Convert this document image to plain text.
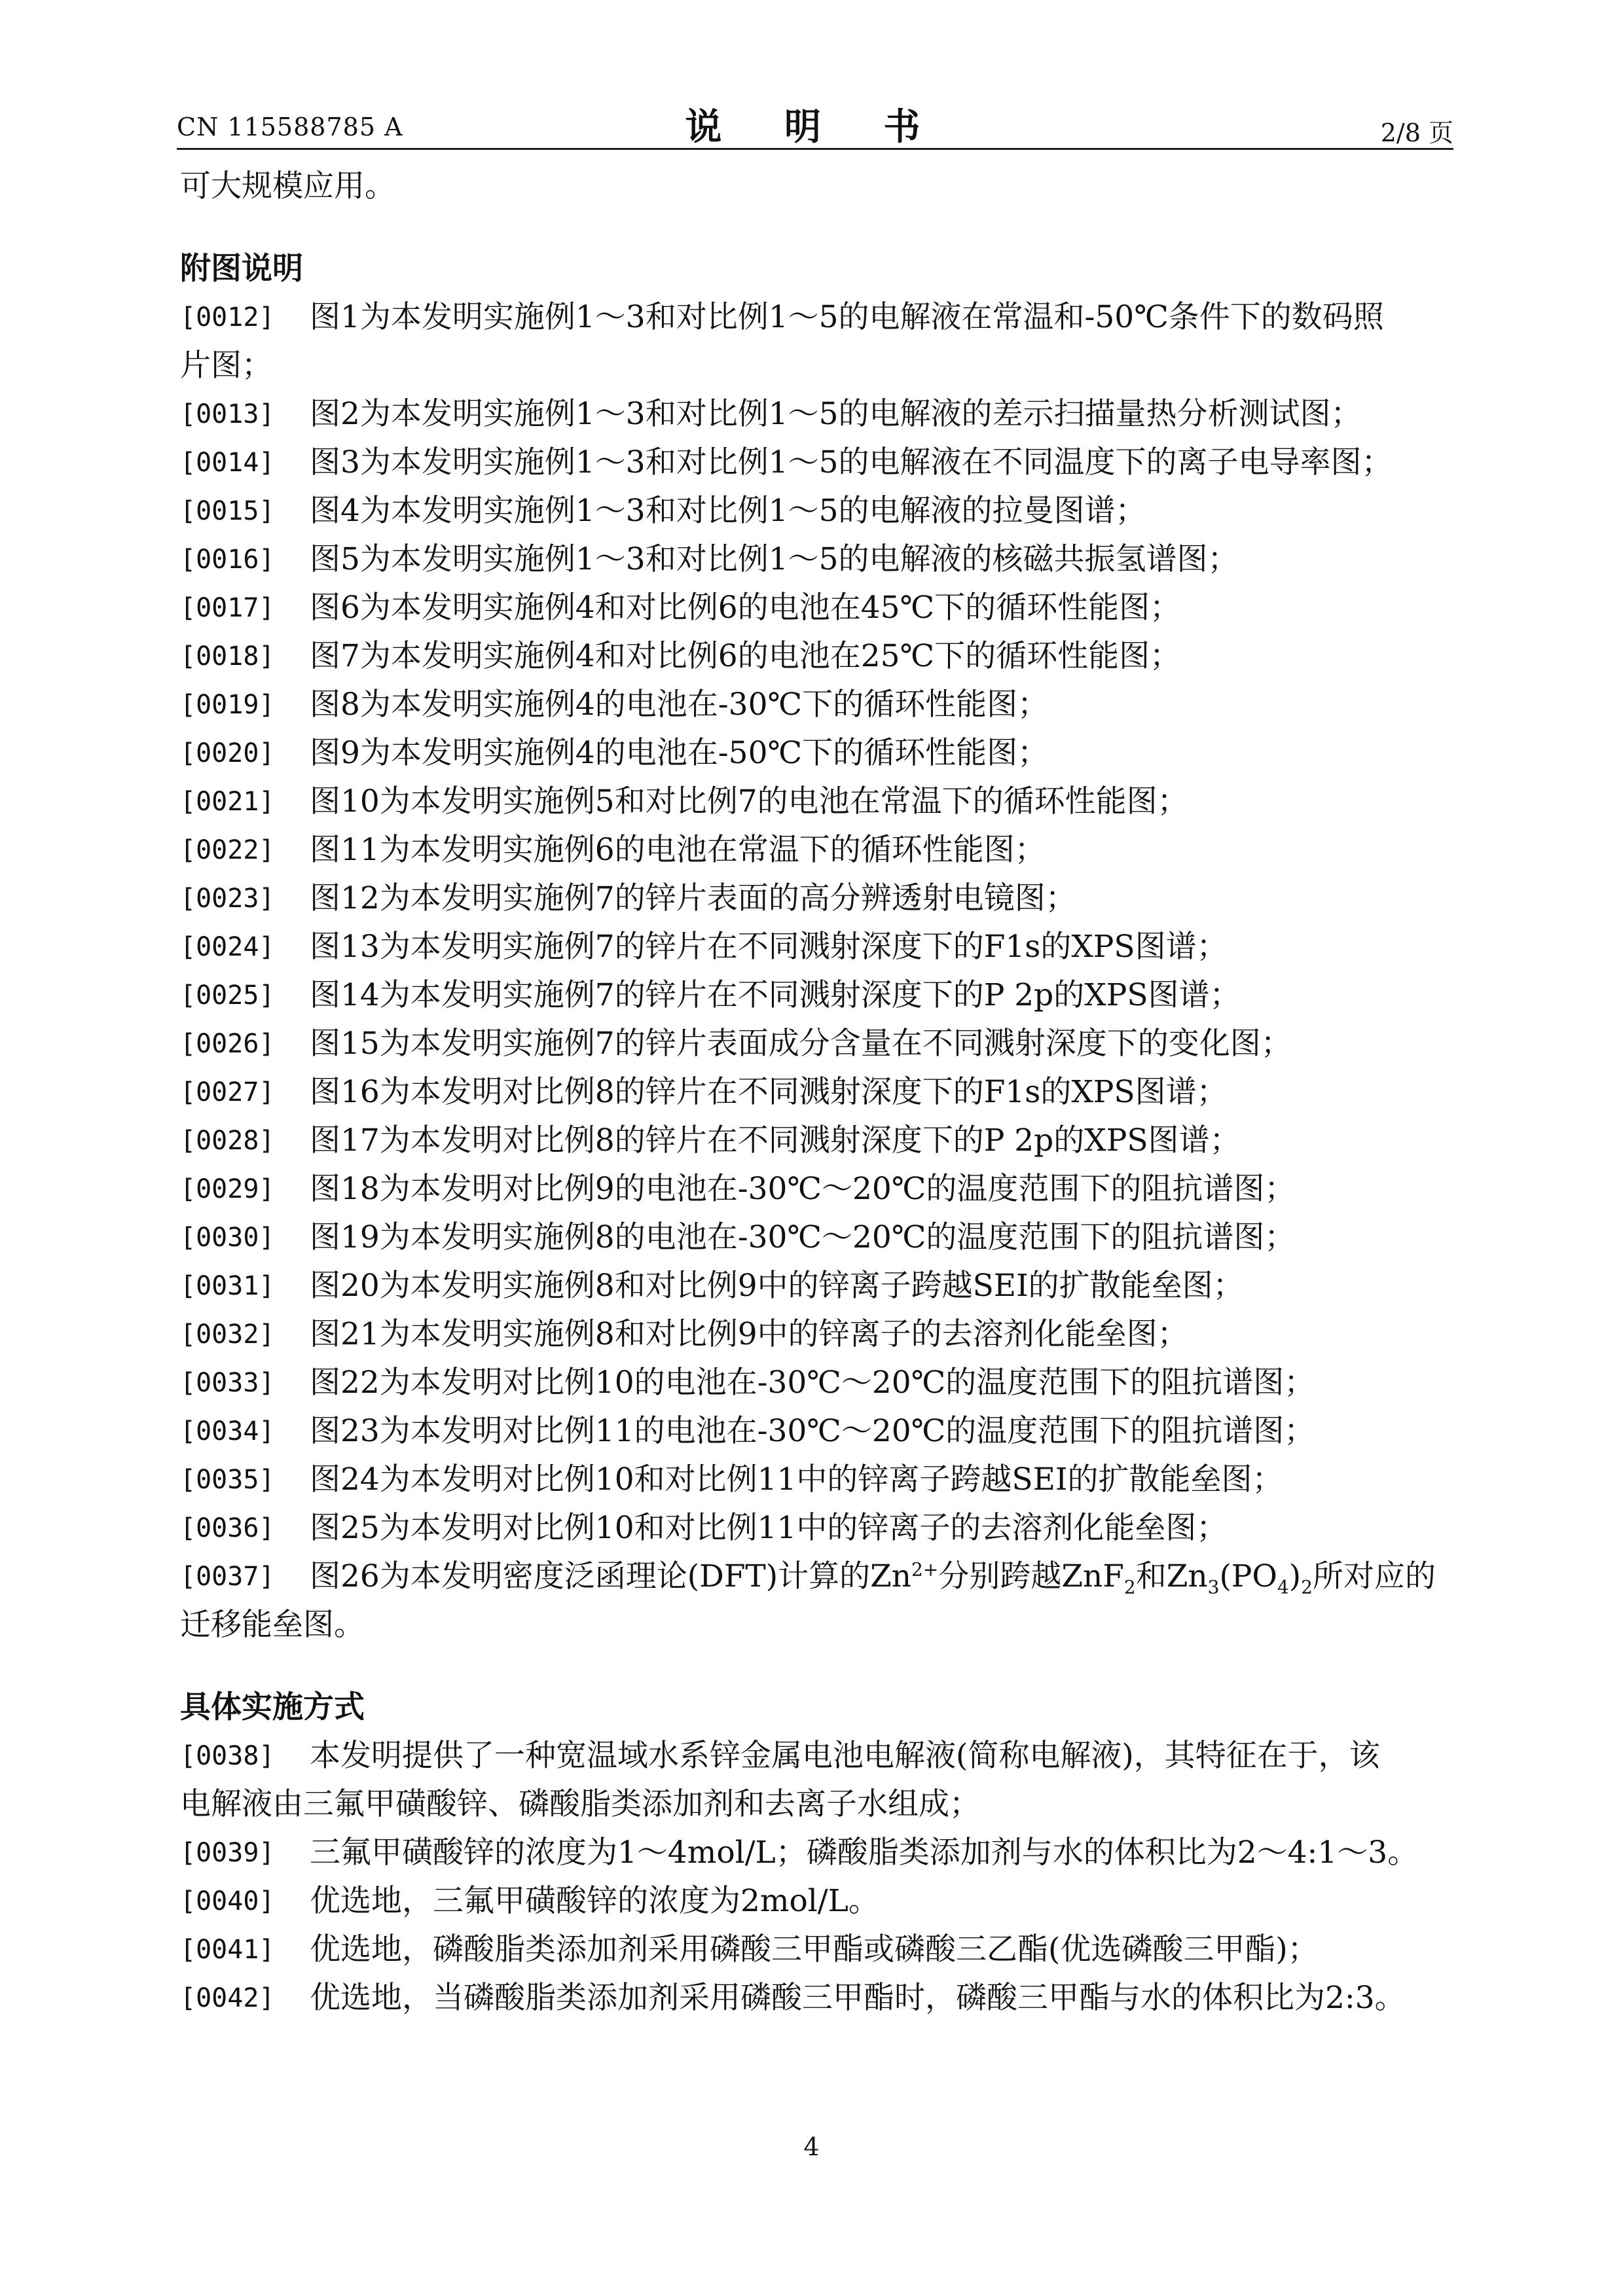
CN 115588785 A	说 明 书	2/8 页
可大规模应用。
附图说明
[0012]	图1为本发明实施例1～3和对比例1～5的电解液在常温和-50℃条件下的数码照
片图；
[0013]	图2为本发明实施例1～3和对比例1～5的电解液的差示扫描量热分析测试图；
[0014]	图3为本发明实施例1～3和对比例1～5的电解液在不同温度下的离子电导率图；
[0015]	图4为本发明实施例1～3和对比例1～5的电解液的拉曼图谱；
[0016]	图5为本发明实施例1～3和对比例1～5的电解液的核磁共振氢谱图；
[0017]	图6为本发明实施例4和对比例6的电池在45℃下的循环性能图；
[0018]	图7为本发明实施例4和对比例6的电池在25℃下的循环性能图；
[0019]	图8为本发明实施例4的电池在-30℃下的循环性能图；
[0020]	图9为本发明实施例4的电池在-50℃下的循环性能图；
[0021]	图10为本发明实施例5和对比例7的电池在常温下的循环性能图；
[0022]	图11为本发明实施例6的电池在常温下的循环性能图；
[0023]	图12为本发明实施例7的锌片表面的高分辨透射电镜图；
[0024]	图13为本发明实施例7的锌片在不同溅射深度下的F1s的XPS图谱；
[0025]	图14为本发明实施例7的锌片在不同溅射深度下的P 2p的XPS图谱；
[0026]	图15为本发明实施例7的锌片表面成分含量在不同溅射深度下的变化图；
[0027]	图16为本发明对比例8的锌片在不同溅射深度下的F1s的XPS图谱；
[0028]	图17为本发明对比例8的锌片在不同溅射深度下的P 2p的XPS图谱；
[0029]	图18为本发明对比例9的电池在-30℃～20℃的温度范围下的阻抗谱图；
[0030]	图19为本发明实施例8的电池在-30℃～20℃的温度范围下的阻抗谱图；
[0031]	图20为本发明实施例8和对比例9中的锌离子跨越SEI的扩散能垒图；
[0032]	图21为本发明实施例8和对比例9中的锌离子的去溶剂化能垒图；
[0033]	图22为本发明对比例10的电池在-30℃～20℃的温度范围下的阻抗谱图；
[0034]	图23为本发明对比例11的电池在-30℃～20℃的温度范围下的阻抗谱图；
[0035]	图24为本发明对比例10和对比例11中的锌离子跨越SEI的扩散能垒图；
[0036]	图25为本发明对比例10和对比例11中的锌离子的去溶剂化能垒图；
[0037]	图26为本发明密度泛函理论(DFT)计算的$Zn^{2+}$分别跨越ZnF$_2$和$Zn_3(PO_4)_2$所对应的
迁移能垒图。
具体实施方式
[0038]	本发明提供了一种宽温域水系锌金属电池电解液(简称电解液)，其特征在于，该
电解液由三氟甲磺酸锌、磷酸脂类添加剂和去离子水组成；
[0039]	三氟甲磺酸锌的浓度为1～4mol/L；磷酸脂类添加剂与水的体积比为2～4:1～3。
[0040]	优选地，三氟甲磺酸锌的浓度为2mol/L。
[0041]	优选地，磷酸脂类添加剂采用磷酸三甲酯或磷酸三乙酯(优选磷酸三甲酯)；
[0042]	优选地，当磷酸脂类添加剂采用磷酸三甲酯时，磷酸三甲酯与水的体积比为2:3。
4
